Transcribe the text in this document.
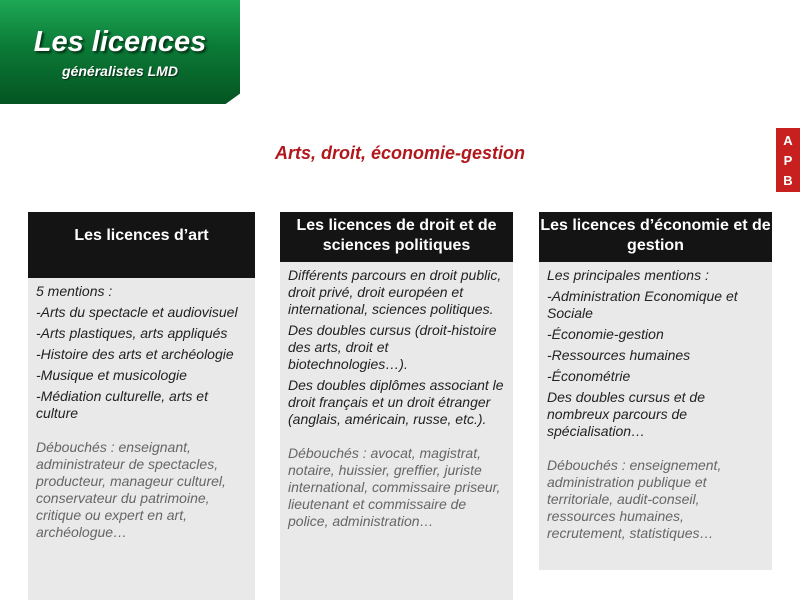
Les licences
généralistes LMD
A
P
B
Arts, droit, économie-gestion
Les licences d’art

5 mentions :

-Arts du spectacle et audiovisuel

-Arts plastiques, arts appliqués

-Histoire des arts et archéologie

-Musique et musicologie

-Médiation culturelle, arts et culture

Débouchés : enseignant, administrateur de spectacles, producteur, manageur culturel, conservateur du patrimoine, critique ou expert en art, archéologue…

Les licences de droit et de sciences politiques

Différents parcours en droit public, droit privé, droit européen et international, sciences politiques.

Des doubles cursus (droit-histoire des arts, droit et biotechnologies…).

Des doubles diplômes associant le droit français et un droit étranger (anglais, américain, russe, etc.).

Débouchés : avocat, magistrat, notaire, huissier, greffier, juriste international, commissaire priseur, lieutenant et commissaire de police, administration…

Les licences d’économie et de gestion

Les principales mentions :

-Administration Economique et Sociale

-Économie-gestion

-Ressources humaines

-Économétrie

Des doubles cursus et de nombreux parcours de spécialisation…

Débouchés : enseignement, administration publique et territoriale, audit-conseil, ressources humaines, recrutement, statistiques…
